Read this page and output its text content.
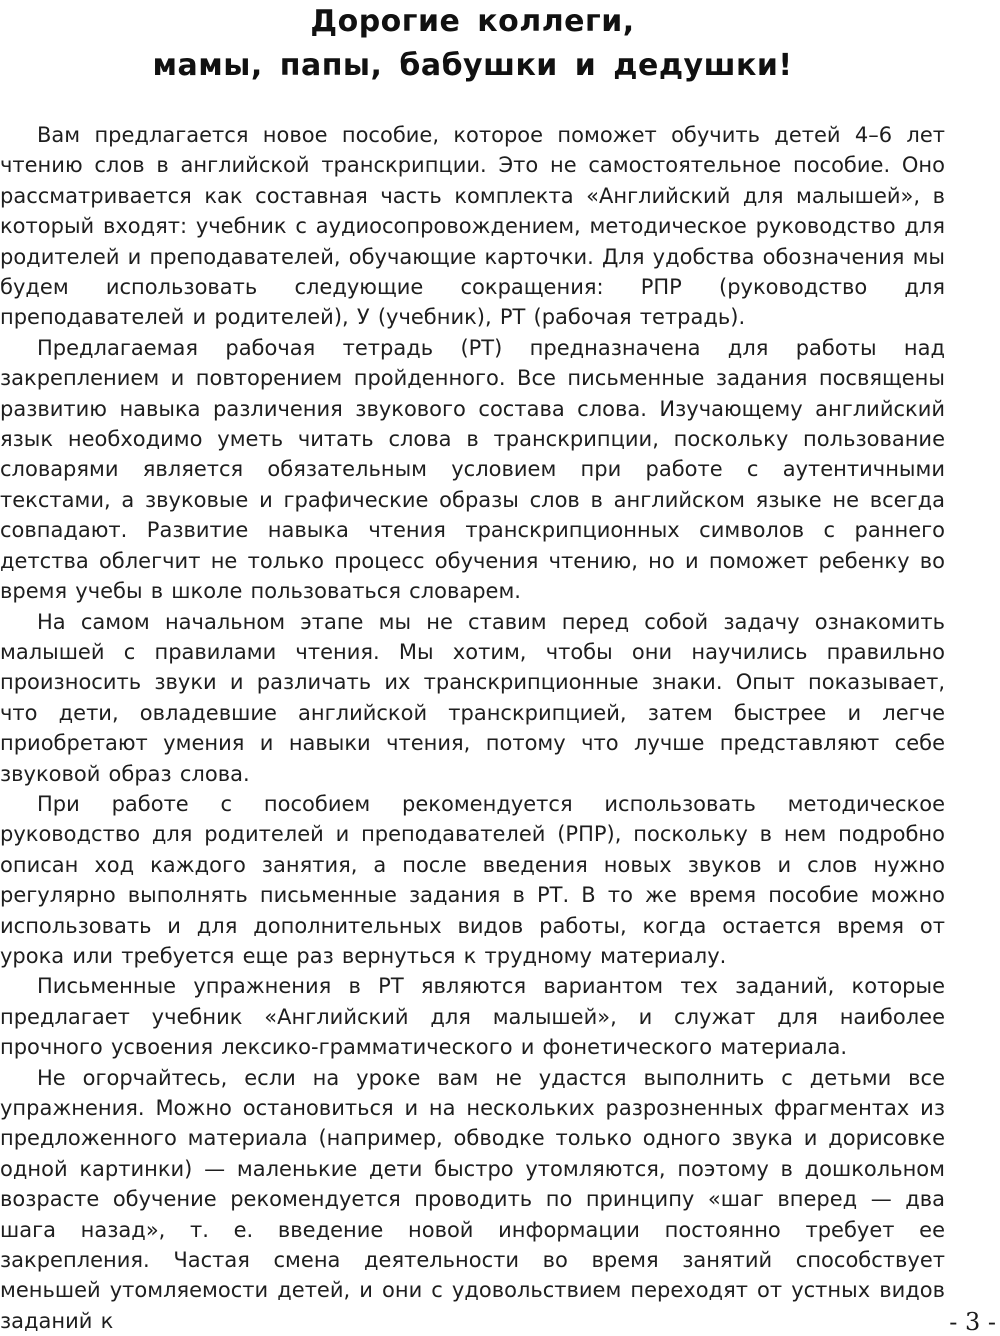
Дорогие коллеги,
мамы, папы, бабушки и дедушки!

Вам предлагается новое пособие, которое поможет обучить детей 4–6 лет чтению слов в английской транскрипции. Это не самостоятельное пособие. Оно рассматривается как составная часть комплекта «Английский для малышей», в который входят: учебник с аудиосопровождением, методическое руководство для родителей и преподавателей, обучающие карточки. Для удобства обозначения мы будем использовать следующие сокращения: РПР (руководство для преподавателей и родителей), У (учебник), РТ (рабочая тетрадь).

Предлагаемая рабочая тетрадь (РТ) предназначена для работы над закреплением и повторением пройденного. Все письменные задания посвящены развитию навыка различения звукового состава слова. Изучающему английский язык необходимо уметь читать слова в транскрипции, поскольку пользование словарями является обязательным условием при работе с аутентичными текстами, а звуковые и графические образы слов в английском языке не всегда совпадают. Развитие навыка чтения транскрипционных символов с раннего детства облегчит не только процесс обучения чтению, но и поможет ребенку во время учебы в школе пользоваться словарем.

На самом начальном этапе мы не ставим перед собой задачу ознакомить малышей с правилами чтения. Мы хотим, чтобы они научились правильно произносить звуки и различать их транскрипционные знаки. Опыт показывает, что дети, овладевшие английской транскрипцией, затем быстрее и легче приобретают умения и навыки чтения, потому что лучше представляют себе звуковой образ слова.

При работе с пособием рекомендуется использовать методическое руководство для родителей и преподавателей (РПР), поскольку в нем подробно описан ход каждого занятия, а после введения новых звуков и слов нужно регулярно выполнять письменные задания в РТ. В то же время пособие можно использовать и для дополнительных видов работы, когда остается время от урока или требуется еще раз вернуться к трудному материалу.

Письменные упражнения в РТ являются вариантом тех заданий, которые предлагает учебник «Английский для малышей», и служат для наиболее прочного усвоения лексико-грамматического и фонетического материала.

Не огорчайтесь, если на уроке вам не удастся выполнить с детьми все упражнения. Можно остановиться и на нескольких разрозненных фрагментах из предложенного материала (например, обводке только одного звука и дорисовке одной картинки) — маленькие дети быстро утомляются, поэтому в дошкольном возрасте обучение рекомендуется проводить по принципу «шаг вперед — два шага назад», т. е. введение новой информации постоянно требует ее закрепления. Частая смена деятельности во время занятий способствует меньшей утомляемости детей, и они с удовольствием переходят от устных видов заданий к	- 3 -
